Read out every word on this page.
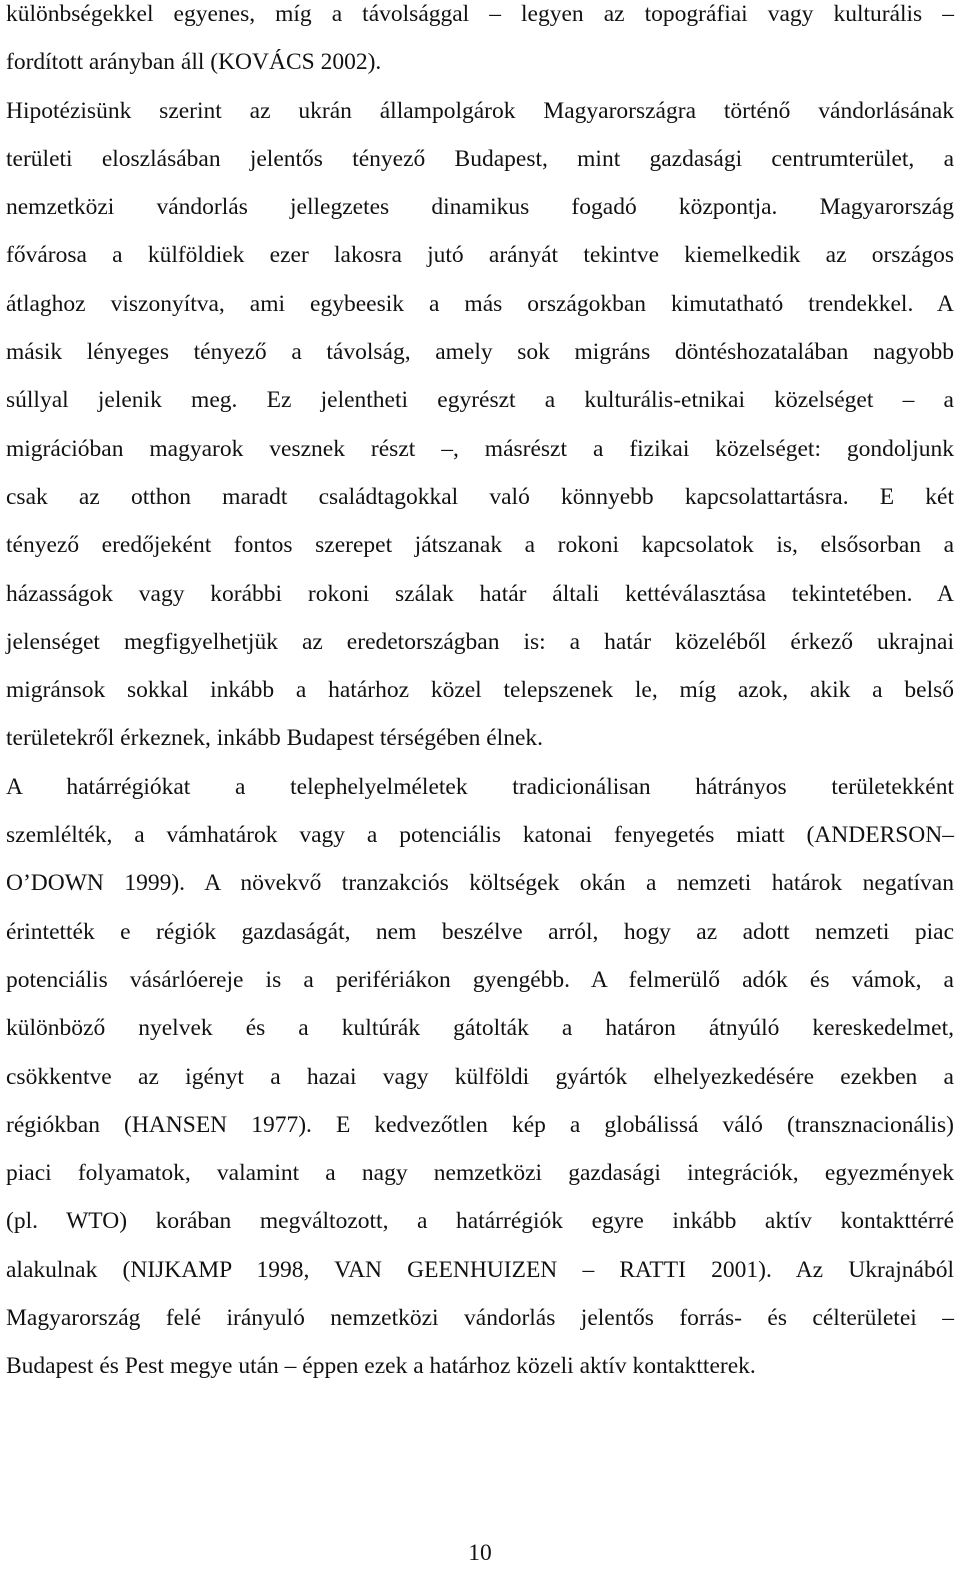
különbségekkel egyenes, míg a távolsággal – legyen az topográfiai vagy kulturális –
fordított arányban áll (KOVÁCS 2002).
Hipotézisünk szerint az ukrán állampolgárok Magyarországra történő vándorlásának
területi eloszlásában jelentős tényező Budapest, mint gazdasági centrumterület, a
nemzetközi vándorlás jellegzetes dinamikus fogadó központja. Magyarország
fővárosa a külföldiek ezer lakosra jutó arányát tekintve kiemelkedik az országos
átlaghoz viszonyítva, ami egybeesik a más országokban kimutatható trendekkel. A
másik lényeges tényező a távolság, amely sok migráns döntéshozatalában nagyobb
súllyal jelenik meg. Ez jelentheti egyrészt a kulturális-etnikai közelséget – a
migrációban magyarok vesznek részt –, másrészt a fizikai közelséget: gondoljunk
csak az otthon maradt családtagokkal való könnyebb kapcsolattartásra. E két
tényező eredőjeként fontos szerepet játszanak a rokoni kapcsolatok is, elsősorban a
házasságok vagy korábbi rokoni szálak határ általi kettéválasztása tekintetében. A
jelenséget megfigyelhetjük az eredetországban is: a határ közeléből érkező ukrajnai
migránsok sokkal inkább a határhoz közel telepszenek le, míg azok, akik a belső
területekről érkeznek, inkább Budapest térségében élnek.
A határrégiókat a telephelyelméletek tradicionálisan hátrányos területekként
szemlélték, a vámhatárok vagy a potenciális katonai fenyegetés miatt (ANDERSON–
O’DOWN 1999). A növekvő tranzakciós költségek okán a nemzeti határok negatívan
érintették e régiók gazdaságát, nem beszélve arról, hogy az adott nemzeti piac
potenciális vásárlóereje is a perifériákon gyengébb. A felmerülő adók és vámok, a
különböző nyelvek és a kultúrák gátolták a határon átnyúló kereskedelmet,
csökkentve az igényt a hazai vagy külföldi gyártók elhelyezkedésére ezekben a
régiókban (HANSEN 1977). E kedvezőtlen kép a globálissá váló (transznacionális)
piaci folyamatok, valamint a nagy nemzetközi gazdasági integrációk, egyezmények
(pl. WTO) korában megváltozott, a határrégiók egyre inkább aktív kontakttérré
alakulnak (NIJKAMP 1998, VAN GEENHUIZEN – RATTI 2001). Az Ukrajnából
Magyarország felé irányuló nemzetközi vándorlás jelentős forrás- és célterületei –
Budapest és Pest megye után – éppen ezek a határhoz közeli aktív kontaktterek.
10
